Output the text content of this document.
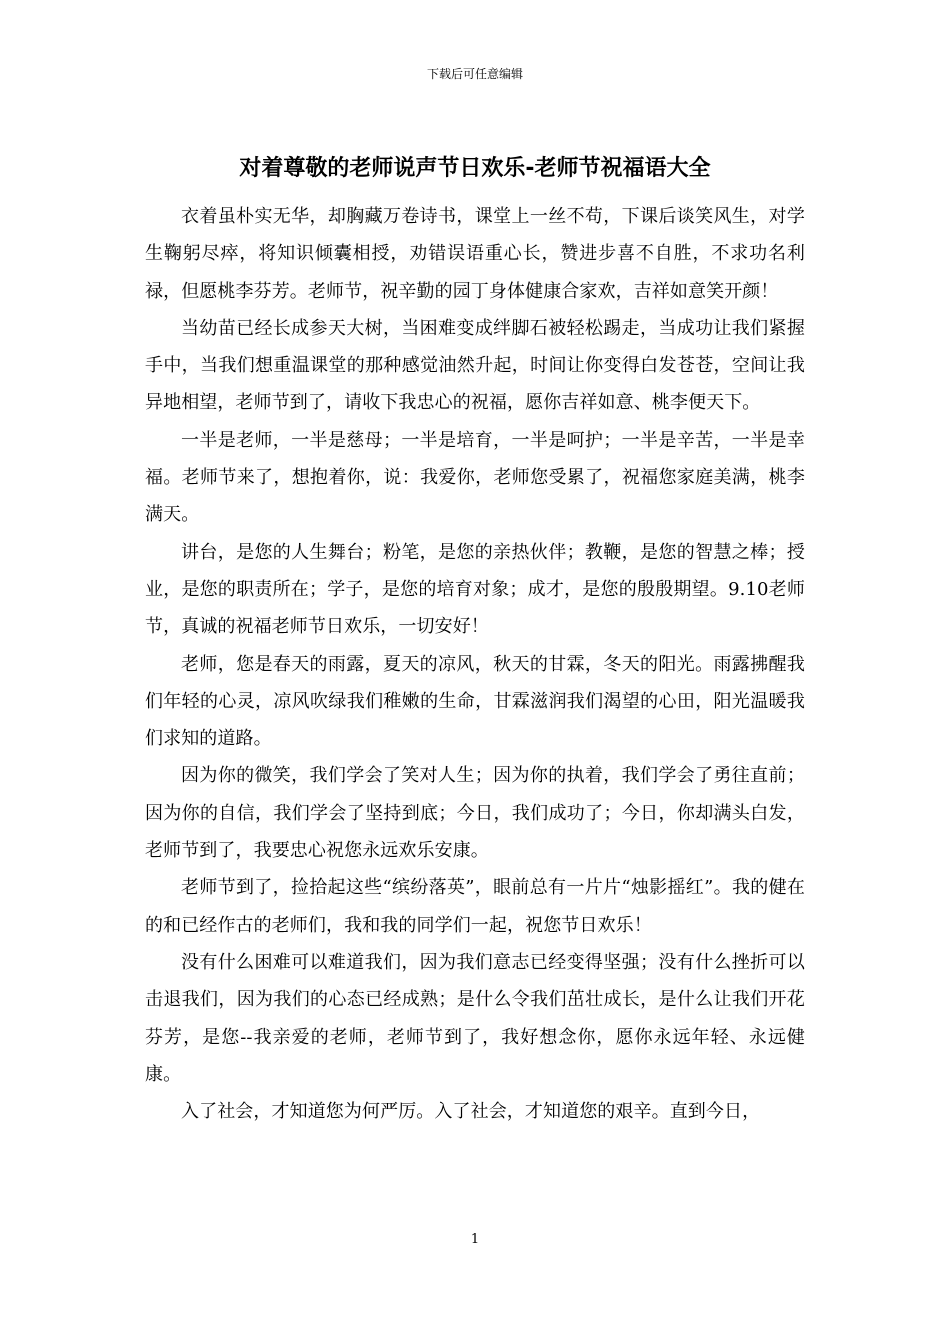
下载后可任意编辑
对着尊敬的老师说声节日欢乐-老师节祝福语大全

衣着虽朴实无华，却胸藏万卷诗书，课堂上一丝不苟，下课后谈笑风生，对学生鞠躬尽瘁，将知识倾囊相授，劝错误语重心长，赞进步喜不自胜，不求功名利禄，但愿桃李芬芳。老师节，祝辛勤的园丁身体健康合家欢，吉祥如意笑开颜！

当幼苗已经长成参天大树，当困难变成绊脚石被轻松踢走，当成功让我们紧握手中，当我们想重温课堂的那种感觉油然升起，时间让你变得白发苍苍，空间让我异地相望，老师节到了，请收下我忠心的祝福，愿你吉祥如意、桃李便天下。

一半是老师，一半是慈母；一半是培育，一半是呵护；一半是辛苦，一半是幸福。老师节来了，想抱着你，说：我爱你，老师您受累了，祝福您家庭美满，桃李满天。

讲台，是您的人生舞台；粉笔，是您的亲热伙伴；教鞭，是您的智慧之棒；授业，是您的职责所在；学子，是您的培育对象；成才，是您的殷殷期望。9.10老师节，真诚的祝福老师节日欢乐，一切安好！

老师，您是春天的雨露，夏天的凉风，秋天的甘霖，冬天的阳光。雨露拂醒我们年轻的心灵，凉风吹绿我们稚嫩的生命，甘霖滋润我们渴望的心田，阳光温暖我们求知的道路。

因为你的微笑，我们学会了笑对人生；因为你的执着，我们学会了勇往直前；因为你的自信，我们学会了坚持到底；今日，我们成功了；今日，你却满头白发，老师节到了，我要忠心祝您永远欢乐安康。

老师节到了，捡拾起这些“缤纷落英”，眼前总有一片片“烛影摇红”。我的健在的和已经作古的老师们，我和我的同学们一起，祝您节日欢乐！

没有什么困难可以难道我们，因为我们意志已经变得坚强；没有什么挫折可以击退我们，因为我们的心态已经成熟；是什么令我们茁壮成长，是什么让我们开花芬芳，是您--我亲爱的老师，老师节到了，我好想念你，愿你永远年轻、永远健康。

入了社会，才知道您为何严厉。入了社会，才知道您的艰辛。直到今日，

1
